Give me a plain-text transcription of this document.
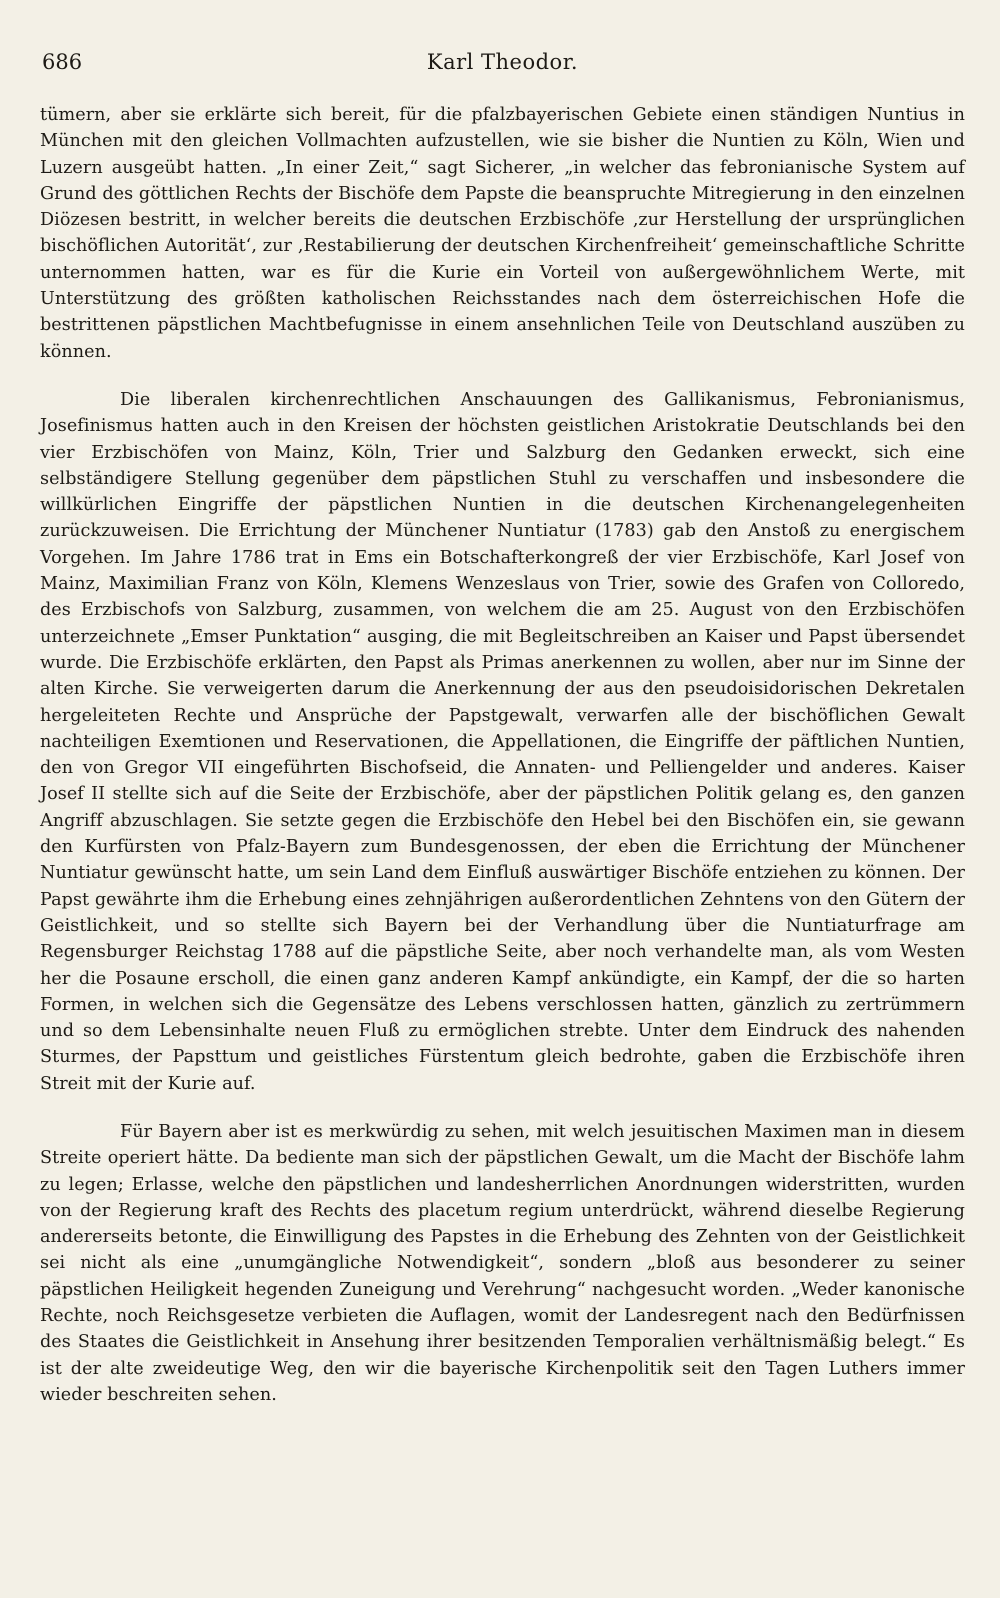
686	Karl Theodor.

tümern, aber sie erklärte sich bereit, für die pfalzbayerischen Gebiete einen ständigen Nuntius in München mit den gleichen Vollmachten aufzustellen, wie sie bisher die Nuntien zu Köln, Wien und Luzern ausgeübt hatten. „In einer Zeit,“ sagt Sicherer, „in welcher das febronianische System auf Grund des göttlichen Rechts der Bischöfe dem Papste die beanspruchte Mitregierung in den einzelnen Diözesen bestritt, in welcher bereits die deutschen Erzbischöfe ‚zur Herstellung der ursprünglichen bischöflichen Autorität‘, zur ‚Restabilierung der deutschen Kirchenfreiheit‘ gemeinschaftliche Schritte unternommen hatten, war es für die Kurie ein Vorteil von außergewöhnlichem Werte, mit Unterstützung des größten katholischen Reichsstandes nach dem österreichischen Hofe die bestrittenen päpstlichen Machtbefugnisse in einem ansehnlichen Teile von Deutschland auszüben zu können.

Die liberalen kirchenrechtlichen Anschauungen des Gallikanismus, Febronianismus, Josefinismus hatten auch in den Kreisen der höchsten geistlichen Aristokratie Deutschlands bei den vier Erzbischöfen von Mainz, Köln, Trier und Salzburg den Gedanken erweckt, sich eine selbständigere Stellung gegenüber dem päpstlichen Stuhl zu verschaffen und insbesondere die willkürlichen Eingriffe der päpstlichen Nuntien in die deutschen Kirchenangelegenheiten zurückzuweisen. Die Errichtung der Münchener Nuntiatur (1783) gab den Anstoß zu energischem Vorgehen. Im Jahre 1786 trat in Ems ein Botschafterkongreß der vier Erzbischöfe, Karl Josef von Mainz, Maximilian Franz von Köln, Klemens Wenzeslaus von Trier, sowie des Grafen von Colloredo, des Erzbischofs von Salzburg, zusammen, von welchem die am 25. August von den Erzbischöfen unterzeichnete „Emser Punktation“ ausging, die mit Begleitschreiben an Kaiser und Papst übersendet wurde. Die Erzbischöfe erklärten, den Papst als Primas anerkennen zu wollen, aber nur im Sinne der alten Kirche. Sie verweigerten darum die Anerkennung der aus den pseudoisidorischen Dekretalen hergeleiteten Rechte und Ansprüche der Papstgewalt, verwarfen alle der bischöflichen Gewalt nachteiligen Exemtionen und Reservationen, die Appellationen, die Eingriffe der päftlichen Nuntien, den von Gregor VII eingeführten Bischofseid, die Annaten- und Pelliengelder und anderes. Kaiser Josef II stellte sich auf die Seite der Erzbischöfe, aber der päpstlichen Politik gelang es, den ganzen Angriff abzuschlagen. Sie setzte gegen die Erzbischöfe den Hebel bei den Bischöfen ein, sie gewann den Kurfürsten von Pfalz-Bayern zum Bundesgenossen, der eben die Errichtung der Münchener Nuntiatur gewünscht hatte, um sein Land dem Einfluß auswärtiger Bischöfe entziehen zu können. Der Papst gewährte ihm die Erhebung eines zehnjährigen außerordentlichen Zehntens von den Gütern der Geistlichkeit, und so stellte sich Bayern bei der Verhandlung über die Nuntiaturfrage am Regensburger Reichstag 1788 auf die päpstliche Seite, aber noch verhandelte man, als vom Westen her die Posaune erscholl, die einen ganz anderen Kampf ankündigte, ein Kampf, der die so harten Formen, in welchen sich die Gegensätze des Lebens verschlossen hatten, gänzlich zu zertrümmern und so dem Lebensinhalte neuen Fluß zu ermöglichen strebte. Unter dem Eindruck des nahenden Sturmes, der Papsttum und geistliches Fürstentum gleich bedrohte, gaben die Erzbischöfe ihren Streit mit der Kurie auf.

Für Bayern aber ist es merkwürdig zu sehen, mit welch jesuitischen Maximen man in diesem Streite operiert hätte. Da bediente man sich der päpstlichen Gewalt, um die Macht der Bischöfe lahm zu legen; Erlasse, welche den päpstlichen und landesherrlichen Anordnungen widerstritten, wurden von der Regierung kraft des Rechts des placetum regium unterdrückt, während dieselbe Regierung andererseits betonte, die Einwilligung des Papstes in die Erhebung des Zehnten von der Geistlichkeit sei nicht als eine „unumgängliche Notwendigkeit“, sondern „bloß aus besonderer zu seiner päpstlichen Heiligkeit hegenden Zuneigung und Verehrung“ nachgesucht worden. „Weder kanonische Rechte, noch Reichsgesetze verbieten die Auflagen, womit der Landesregent nach den Bedürfnissen des Staates die Geistlichkeit in Ansehung ihrer besitzenden Temporalien verhältnismäßig belegt.“ Es ist der alte zweideutige Weg, den wir die bayerische Kirchenpolitik seit den Tagen Luthers immer wieder beschreiten sehen.
